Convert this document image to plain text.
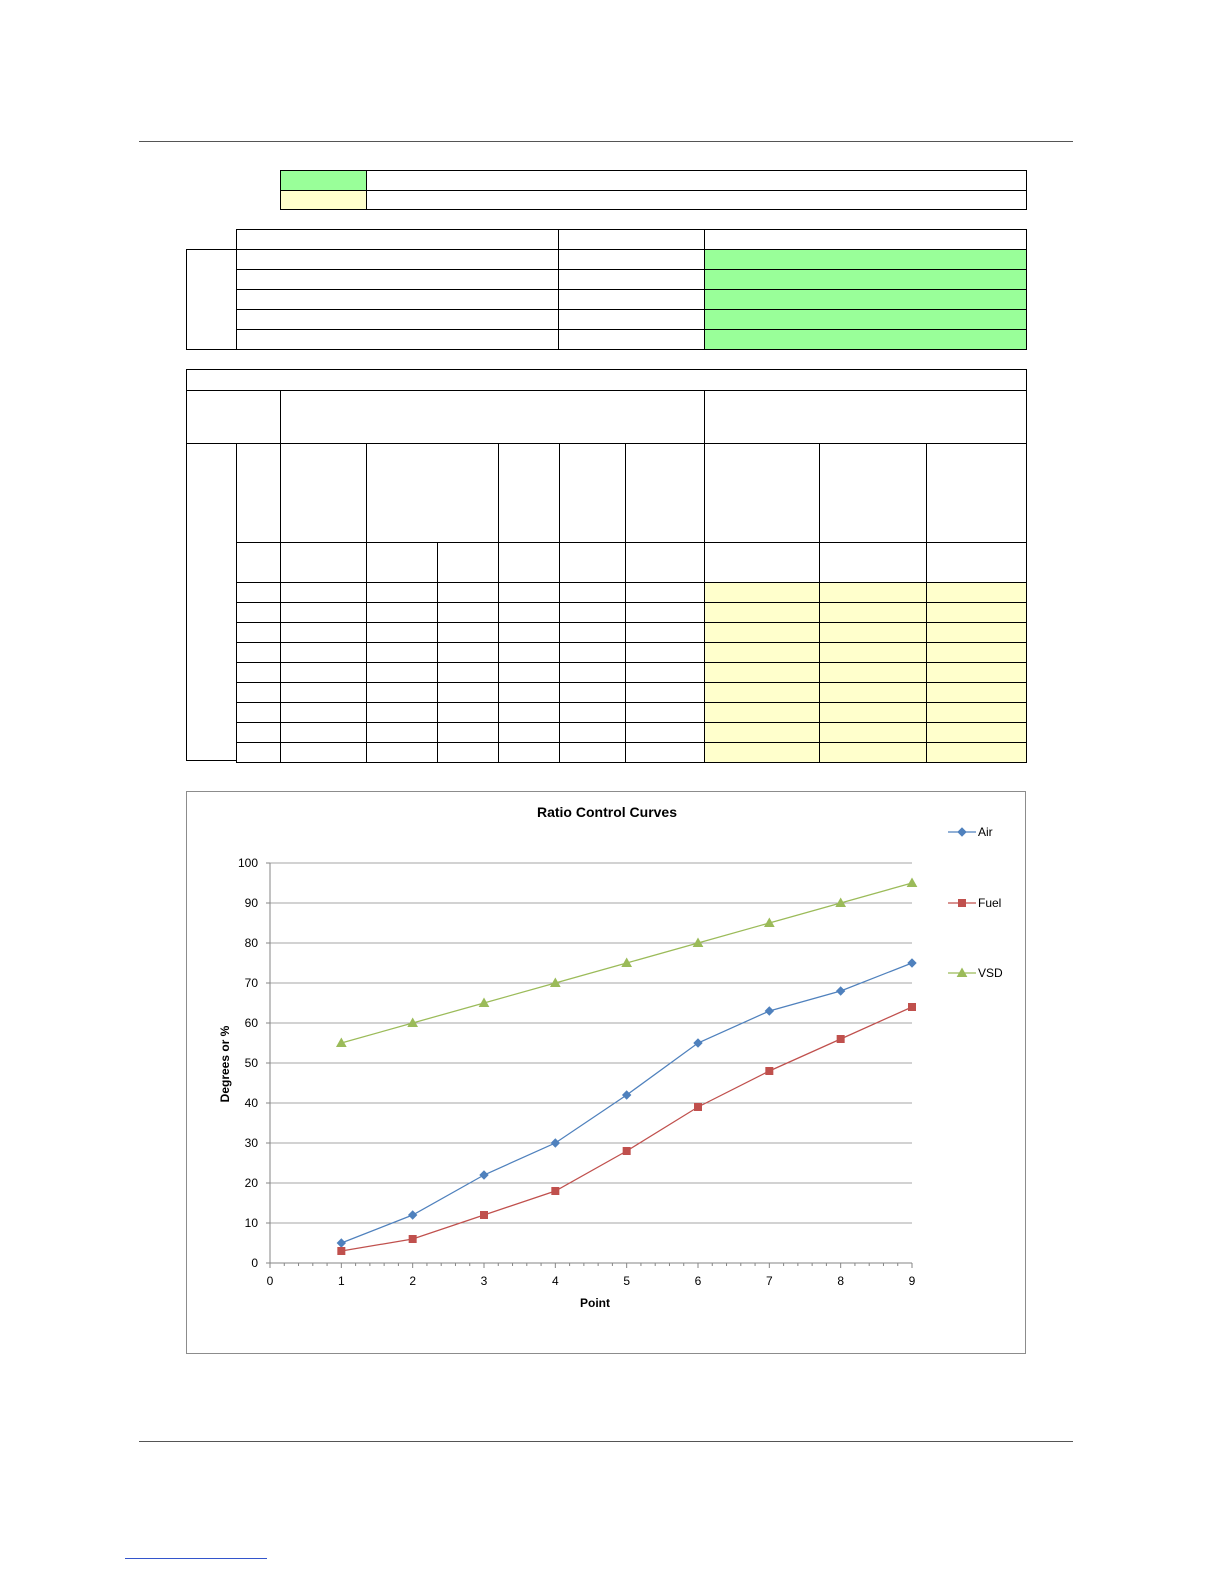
Ratio Control Curves
0
10
20
30
40
50
60
70
80
90
100
0	1	2	3	4	5	6	7	8	9
Air
Fuel
VSD
Point
Degrees or %
